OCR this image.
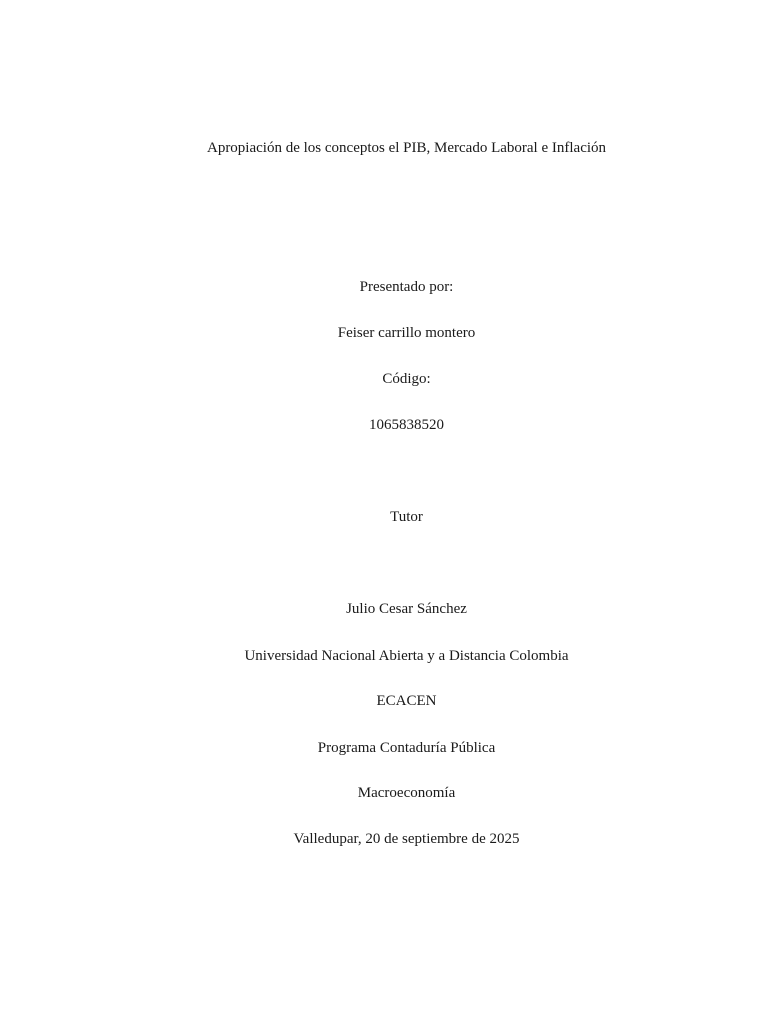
Apropiación de los conceptos el PIB, Mercado Laboral e Inflación
Presentado por:
Feiser carrillo montero
Código:
1065838520
Tutor
Julio Cesar Sánchez
Universidad Nacional Abierta y a Distancia Colombia
ECACEN
Programa Contaduría Pública
Macroeconomía
Valledupar, 20 de septiembre de 2025
